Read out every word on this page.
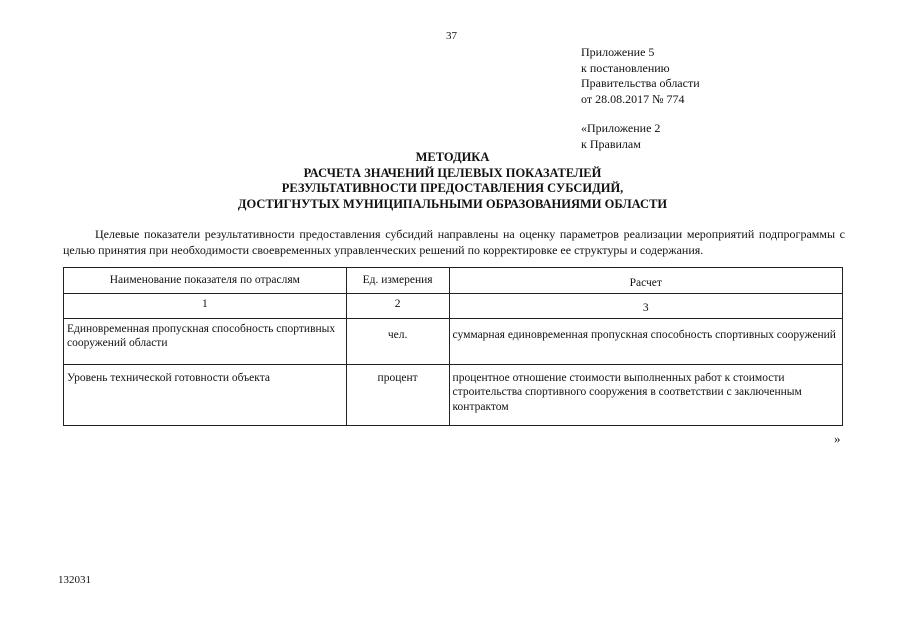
37
Приложение 5
к постановлению
Правительства области
от 28.08.2017 № 774
«Приложение 2
к Правилам
МЕТОДИКА
РАСЧЕТА ЗНАЧЕНИЙ ЦЕЛЕВЫХ ПОКАЗАТЕЛЕЙ
РЕЗУЛЬТАТИВНОСТИ ПРЕДОСТАВЛЕНИЯ СУБСИДИЙ,
ДОСТИГНУТЫХ МУНИЦИПАЛЬНЫМИ ОБРАЗОВАНИЯМИ ОБЛАСТИ
Целевые показатели результативности предоставления субсидий направлены на оценку параметров реализации мероприятий подпрограммы с целью принятия при необходимости своевременных управленческих решений по корректировке ее структуры и содержания.
Наименование показателя по отраслям	Ед. измерения	Расчет
1	2	3
Единовременная пропускная способность спортивных сооружений области	чел.	суммарная единовременная пропускная способность спортивных сооружений
Уровень технической готовности объекта	процент	процентное отношение стоимости выполненных работ к стоимости строительства спортивного сооружения в соответствии с заключенным контрактом
»
132031
